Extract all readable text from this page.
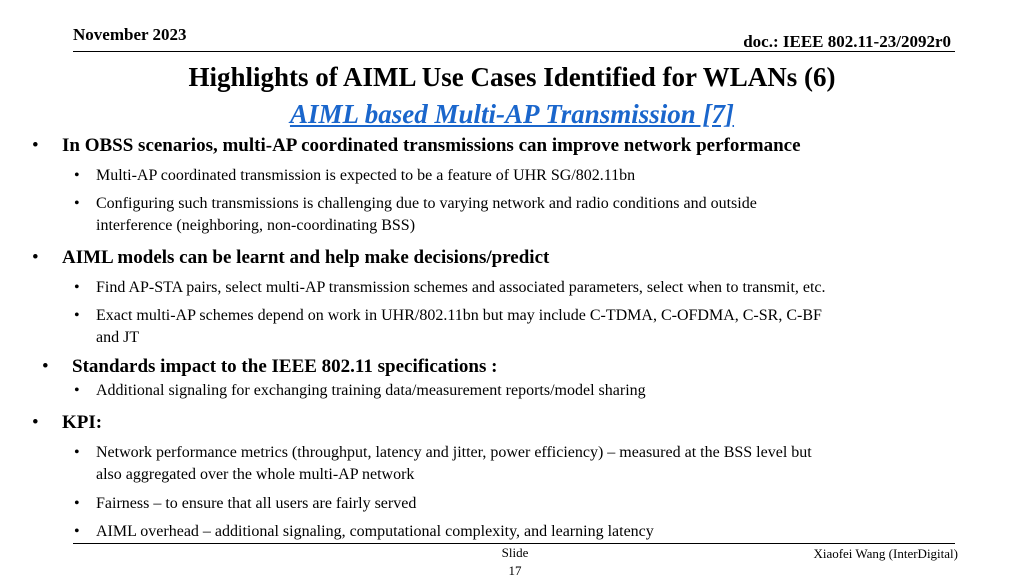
November 2023	doc.: IEEE 802.11-23/2092r0
Highlights of AIML Use Cases Identified for WLANs (6)
AIML based Multi-AP Transmission [7]
• In OBSS scenarios, multi-AP coordinated transmissions can improve network performance
• Multi-AP coordinated transmission is expected to be a feature of UHR SG/802.11bn
• Configuring such transmissions is challenging due to varying network and radio conditions and outside
interference (neighboring, non-coordinating BSS)
• AIML models can be learnt and help make decisions/predict
• Find AP-STA pairs, select multi-AP transmission schemes and associated parameters, select when to transmit, etc.
• Exact multi-AP schemes depend on work in UHR/802.11bn but may include C-TDMA, C-OFDMA, C-SR, C-BF
and JT
• Standards impact to the IEEE 802.11 specifications :
• Additional signaling for exchanging training data/measurement reports/model sharing
• KPI:
• Network performance metrics (throughput, latency and jitter, power efficiency) – measured at the BSS level but
also aggregated over the whole multi-AP network
• Fairness – to ensure that all users are fairly served
• AIML overhead – additional signaling, computational complexity, and learning latency
Slide
17
Xiaofei Wang (InterDigital)
